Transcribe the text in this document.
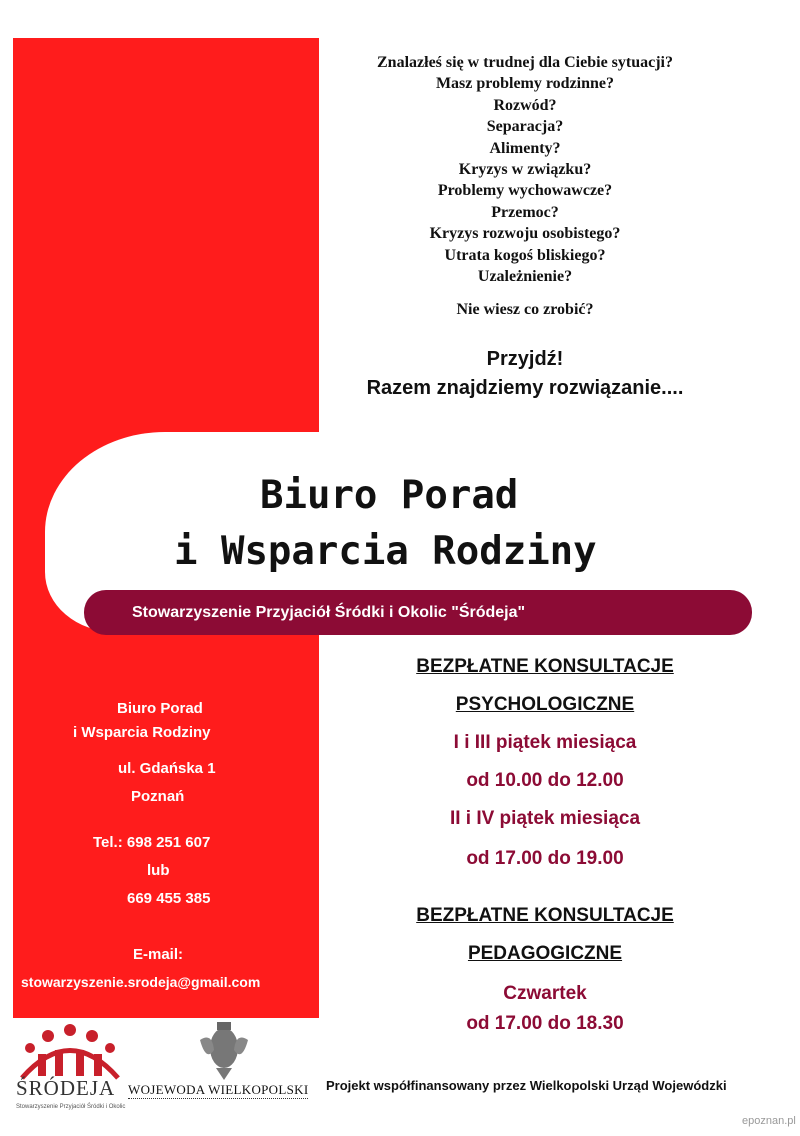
Znalazłeś się w trudnej dla Ciebie sytuacji?
Masz problemy rodzinne?
Rozwód?
Separacja?
Alimenty?
Kryzys w związku?
Problemy wychowawcze?
Przemoc?
Kryzys rozwoju osobistego?
Utrata kogoś bliskiego?
Uzależnienie?
Nie wiesz co zrobić?
Przyjdź!
Razem znajdziemy rozwiązanie....
Biuro Porad
i Wsparcia Rodziny
Stowarzyszenie Przyjaciół Śródki i Okolic "Śródeja"
Biuro Porad
i Wsparcia Rodziny
ul. Gdańska 1
Poznań
Tel.: 698 251 607
lub
669 455 385
E-mail:
stowarzyszenie.srodeja@gmail.com
BEZPŁATNE KONSULTACJE
PSYCHOLOGICZNE
I i III piątek miesiąca
od 10.00 do 12.00
II i IV piątek miesiąca
od 17.00 do 19.00
BEZPŁATNE KONSULTACJE
PEDAGOGICZNE
Czwartek
od 17.00 do 18.30
ŚRÓDEJA
Stowarzyszenie Przyjaciół Śródki i Okolic
WOJEWODA WIELKOPOLSKI Projekt współfinansowany przez Wielkopolski Urząd Wojewódzki
epoznan.pl
